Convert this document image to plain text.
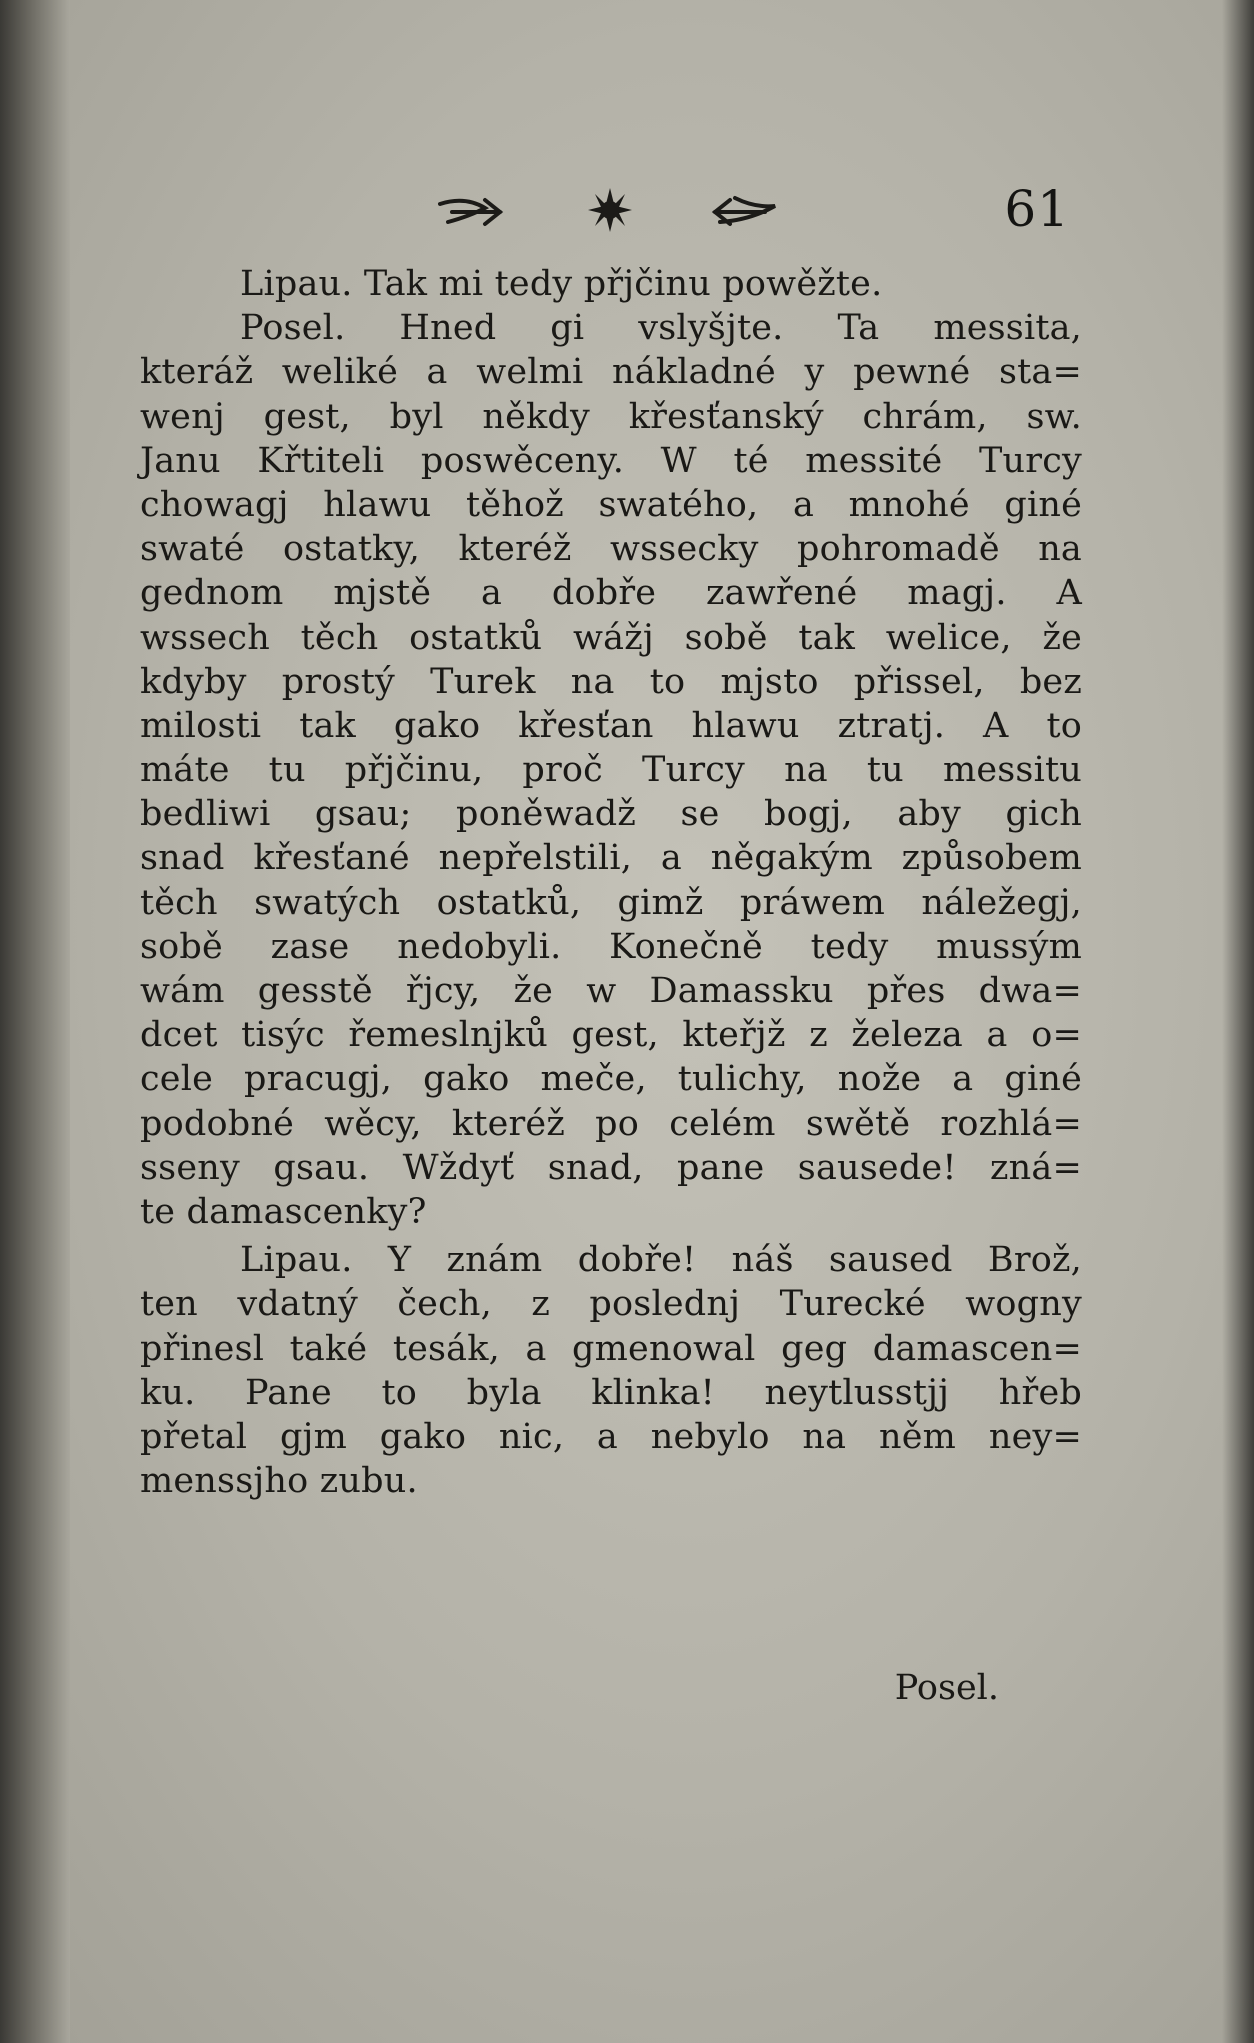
61
Lipau. Tak mi tedy přjčinu powěžte.
Posel. Hned gi vslyšjte. Ta messita,
kteráž weliké a welmi nákladné y pewné sta=
wenj gest, byl někdy křesťanský chrám, sw.
Janu Křtiteli poswěceny. W té messité Turcy
chowagj hlawu těhož swatého, a mnohé giné
swaté ostatky, kteréž wssecky pohromadě na
gednom mjstě a dobře zawřené magj. A
wssech těch ostatků wážj sobě tak welice, že
kdyby prostý Turek na to mjsto přissel, bez
milosti tak gako křesťan hlawu ztratj. A to
máte tu přjčinu, proč Turcy na tu messitu
bedliwi gsau; poněwadž se bogj, aby gich
snad křesťané nepřelstili, a něgakým způsobem
těch swatých ostatků, gimž práwem náležegj,
sobě zase nedobyli. Konečně tedy mussým
wám gesstě řjcy, že w Damassku přes dwa=
dcet tisýc řemeslnjků gest, kteřjž z železa a o=
cele pracugj, gako meče, tulichy, nože a giné
podobné wěcy, kteréž po celém swětě rozhlá=
sseny gsau. Wždyť snad, pane sausede! zná=
te damascenky?
Lipau. Y znám dobře! náš saused Brož,
ten vdatný čech, z poslednj Turecké wogny
přinesl také tesák, a gmenowal geg damascen=
ku. Pane to byla klinka! neytlusstjj hřeb
přetal gjm gako nic, a nebylo na něm ney=
menssjho zubu.
Posel.
